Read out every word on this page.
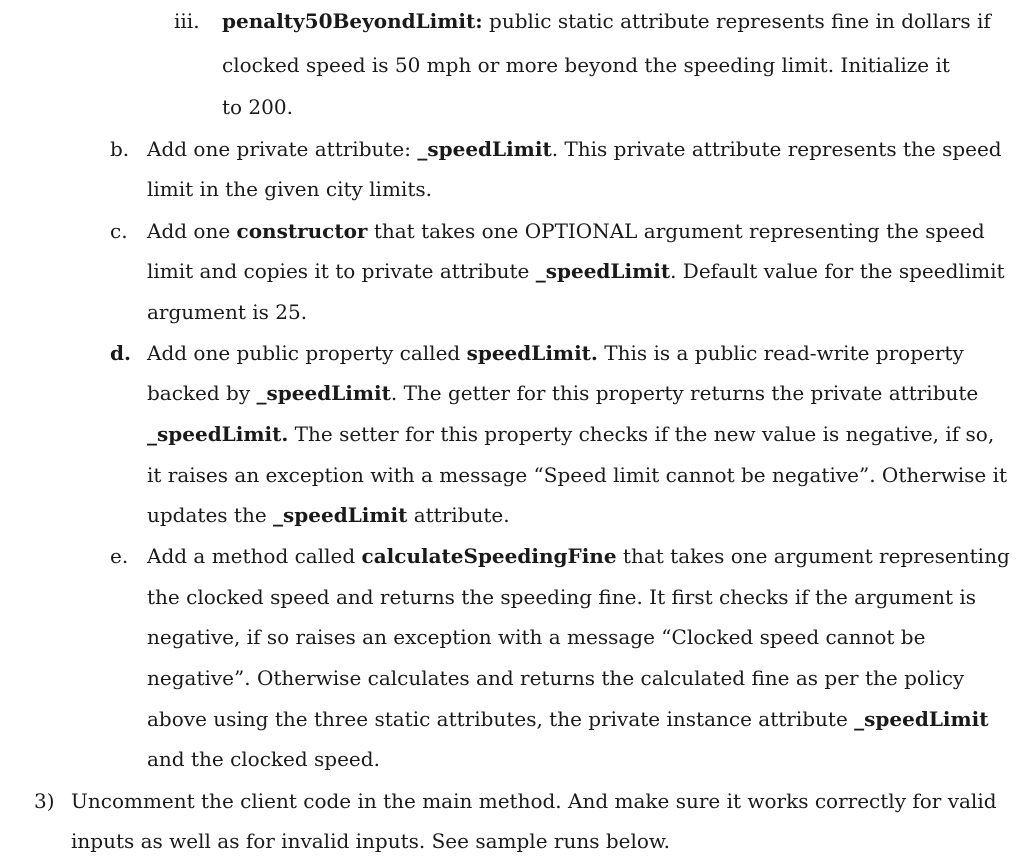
iii. penalty50BeyondLimit: public static attribute represents fine in dollars if
clocked speed is 50 mph or more beyond the speeding limit. Initialize it
to 200.
b. Add one private attribute: _speedLimit. This private attribute represents the speed
limit in the given city limits.
c. Add one constructor that takes one OPTIONAL argument representing the speed
limit and copies it to private attribute _speedLimit. Default value for the speedlimit
argument is 25.
d. Add one public property called speedLimit. This is a public read-write property
backed by _speedLimit. The getter for this property returns the private attribute
_speedLimit. The setter for this property checks if the new value is negative, if so,
it raises an exception with a message “Speed limit cannot be negative”. Otherwise it
updates the _speedLimit attribute.
e. Add a method called calculateSpeedingFine that takes one argument representing
the clocked speed and returns the speeding fine. It first checks if the argument is
negative, if so raises an exception with a message “Clocked speed cannot be
negative”. Otherwise calculates and returns the calculated fine as per the policy
above using the three static attributes, the private instance attribute _speedLimit
and the clocked speed.
3) Uncomment the client code in the main method. And make sure it works correctly for valid
inputs as well as for invalid inputs. See sample runs below.
